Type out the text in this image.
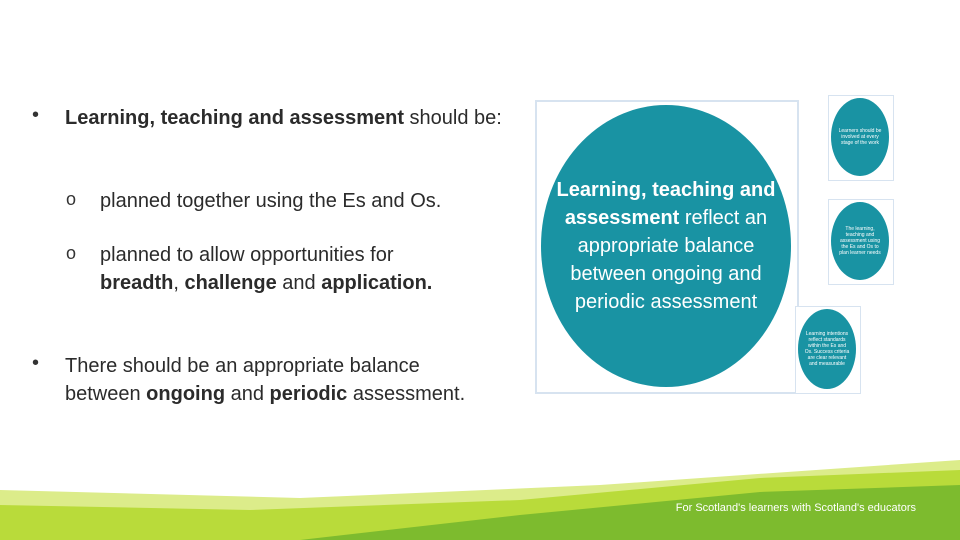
• Learning, teaching and assessment should be:
o planned together using the Es and Os.
o planned to allow opportunities for
breadth, challenge and application.
• There should be an appropriate balance
between ongoing and periodic assessment.
Learning, teaching and assessment reflect an appropriate balance between ongoing and periodic assessment
Learners should be involved at every stage of the work
The learning, teaching and assessment using the Es and Os to plan learner needs
Learning intentions reflect standards within the Es and Os. Success criteria are clear relevant and measurable
For Scotland's learners with Scotland's educators
